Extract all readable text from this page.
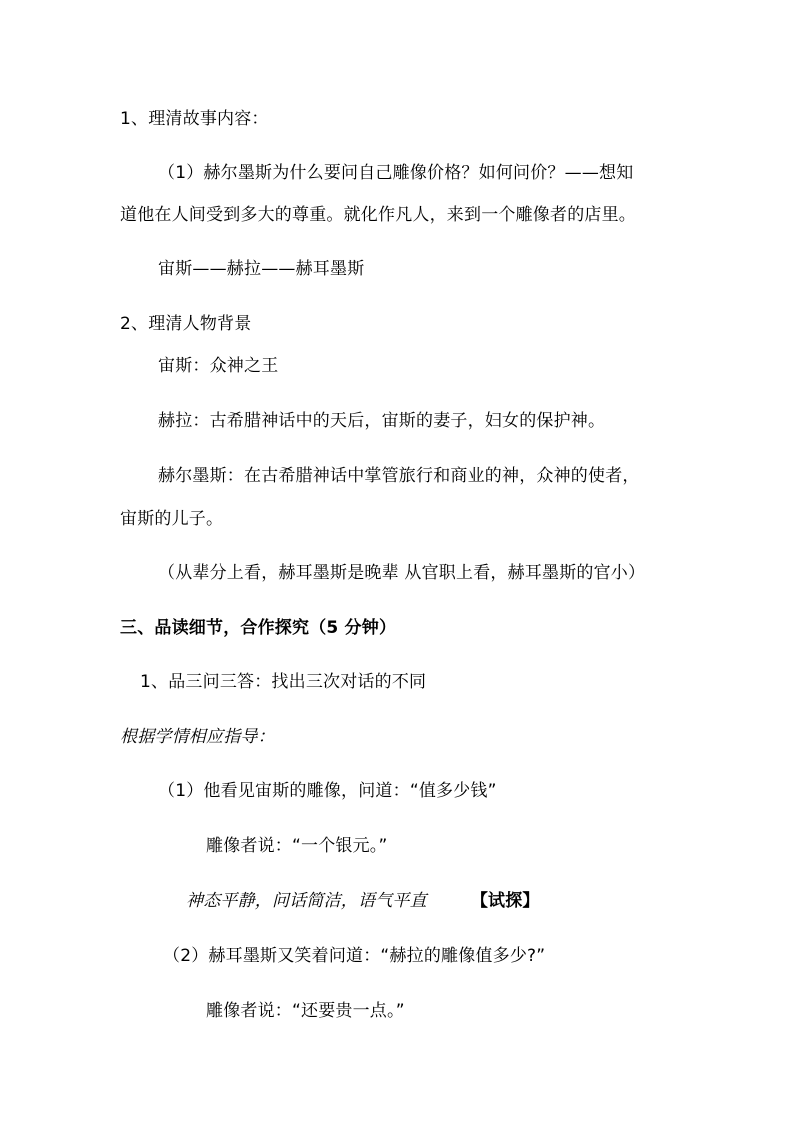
1、理清故事内容：
（1）赫尔墨斯为什么要问自己雕像价格？如何问价？——想知
道他在人间受到多大的尊重。就化作凡人，来到一个雕像者的店里。
宙斯——赫拉——赫耳墨斯
2、理清人物背景
宙斯：众神之王
赫拉：古希腊神话中的天后，宙斯的妻子，妇女的保护神。
赫尔墨斯：在古希腊神话中掌管旅行和商业的神，众神的使者，
宙斯的儿子。
（从辈分上看，赫耳墨斯是晚辈 从官职上看，赫耳墨斯的官小）
三、品读细节，合作探究（5 分钟）
1、品三问三答：找出三次对话的不同
根据学情相应指导：
（1）他看见宙斯的雕像，问道：“值多少钱”
雕像者说：“一个银元。”
神态平静，问话简洁，语气平直	【试探】
（2）赫耳墨斯又笑着问道：“赫拉的雕像值多少?”
雕像者说：“还要贵一点。”
